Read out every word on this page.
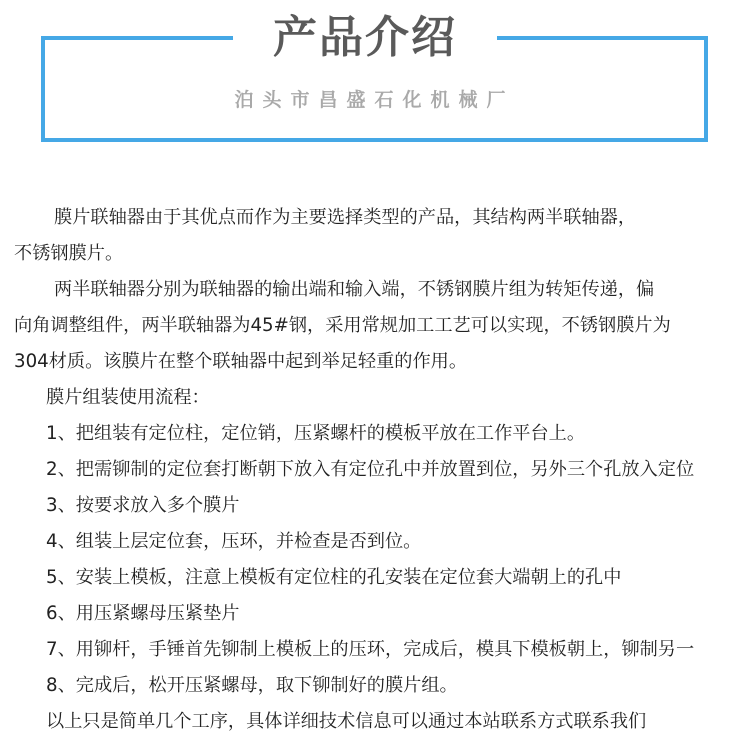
产品介绍
泊头市昌盛石化机械厂
膜片联轴器由于其优点而作为主要选择类型的产品，其结构两半联轴器，
不锈钢膜片。
两半联轴器分别为联轴器的输出端和输入端，不锈钢膜片组为转矩传递，偏
向角调整组件，两半联轴器为45#钢，采用常规加工工艺可以实现，不锈钢膜片为
304材质。该膜片在整个联轴器中起到举足轻重的作用。
膜片组装使用流程：
1、把组装有定位柱，定位销，压紧螺杆的模板平放在工作平台上。
2、把需铆制的定位套打断朝下放入有定位孔中并放置到位，另外三个孔放入定位
3、按要求放入多个膜片
4、组装上层定位套，压环，并检查是否到位。
5、安装上模板，注意上模板有定位柱的孔安装在定位套大端朝上的孔中
6、用压紧螺母压紧垫片
7、用铆杆，手锤首先铆制上模板上的压环，完成后，模具下模板朝上，铆制另一
8、完成后，松开压紧螺母，取下铆制好的膜片组。
以上只是简单几个工序，具体详细技术信息可以通过本站联系方式联系我们
